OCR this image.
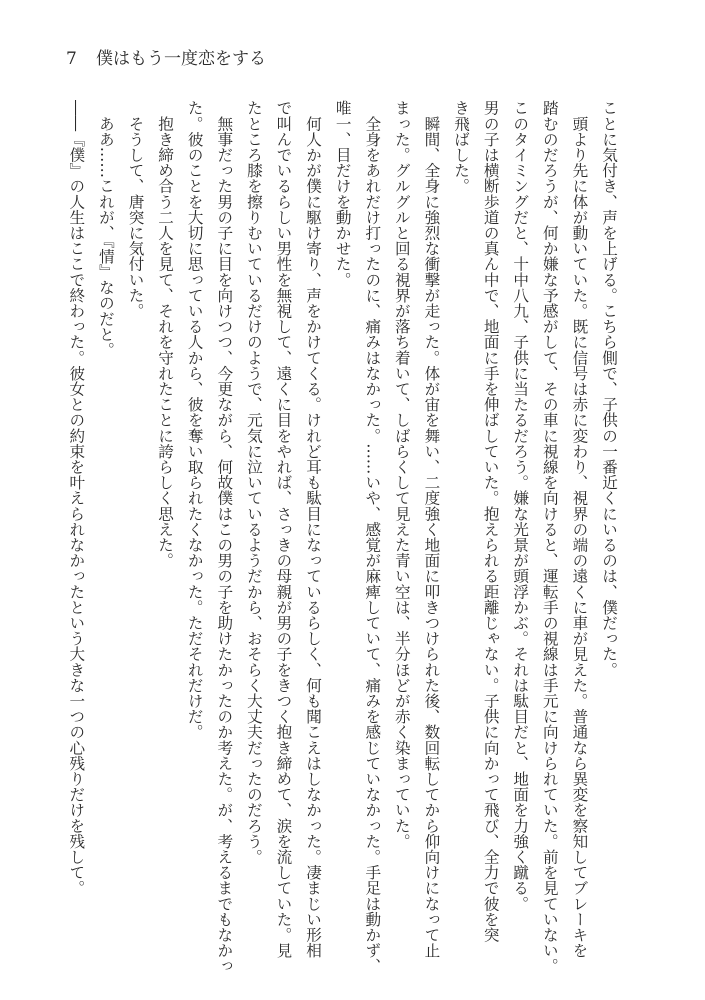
7 僕はもう一度恋をする
ことに気付き、声を上げる。こちら側で、子供の一番近くにいるのは、僕だった。
　頭より先に体が動いていた。既に信号は赤に変わり、視界の端の遠くに車が見えた。普通なら異変を察知してブレーキを
踏むのだろうが、何か嫌な予感がして、その車に視線を向けると、運転手の視線は手元に向けられていた。前を見ていない。
このタイミングだと、十中八九、子供に当たるだろう。嫌な光景が頭浮かぶ。それは駄目だと、地面を力強く蹴る。
男の子は横断歩道の真ん中で、地面に手を伸ばしていた。抱えられる距離じゃない。子供に向かって飛び、全力で彼を突
き飛ばした。
　瞬間、全身に強烈な衝撃が走った。体が宙を舞い、二度強く地面に叩きつけられた後、数回転してから仰向けになって止
まった。グルグルと回る視界が落ち着いて、しばらくして見えた青い空は、半分ほどが赤く染まっていた。
　全身をあれだけ打ったのに、痛みはなかった。……いや、感覚が麻痺していて、痛みを感じていなかった。手足は動かず、
唯一、目だけを動かせた。
　何人かが僕に駆け寄り、声をかけてくる。けれど耳も駄目になっているらしく、何も聞こえはしなかった。凄まじい形相
で叫んでいるらしい男性を無視して、遠くに目をやれば、さっきの母親が男の子をきつく抱き締めて、涙を流していた。見
たところ膝を擦りむいているだけのようで、元気に泣いているようだから、おそらく大丈夫だったのだろう。
　無事だった男の子に目を向けつつ、今更ながら、何故僕はこの男の子を助けたかったのか考えた。が、考えるまでもなかっ
た。彼のことを大切に思っている人から、彼を奪い取られたくなかった。ただそれだけだ。
　抱き締め合う二人を見て、それを守れたことに誇らしく思えた。
　そうして、唐突に気付いた。
　ああ……これが、『情』なのだと。
――『僕』の人生はここで終わった。彼女との約束を叶えられなかったという大きな一つの心残りだけを残して。
